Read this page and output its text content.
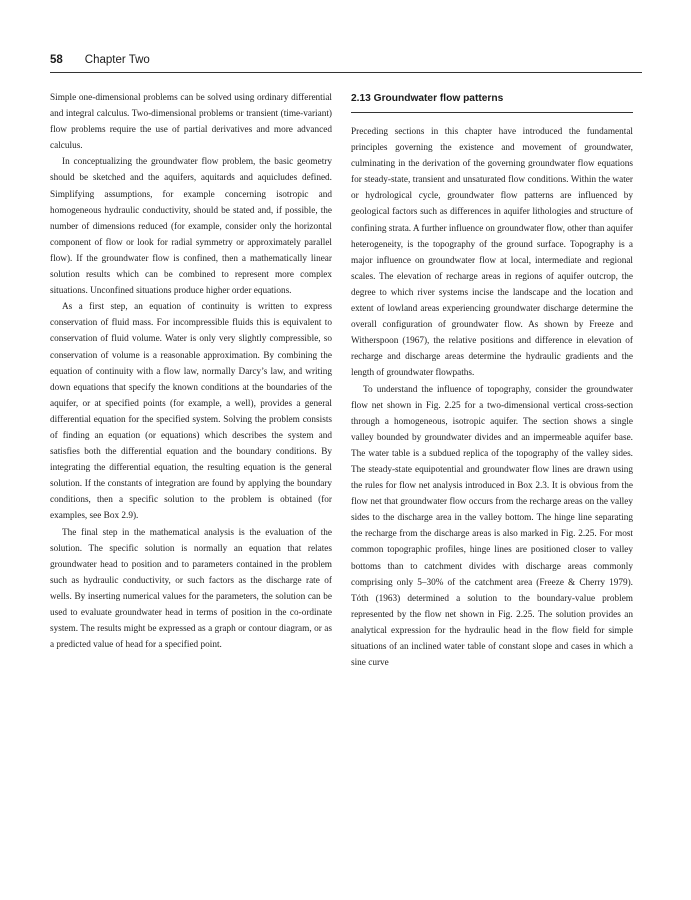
58 Chapter Two

Simple one-dimensional problems can be solved using ordinary differential and integral calculus. Two-dimensional problems or transient (time-variant) flow problems require the use of partial derivatives and more advanced calculus.

In conceptualizing the groundwater flow problem, the basic geometry should be sketched and the aquifers, aquitards and aquicludes defined. Simplifying assumptions, for example concerning isotropic and homogeneous hydraulic conductivity, should be stated and, if possible, the number of dimensions reduced (for example, consider only the horizontal component of flow or look for radial symmetry or approximately parallel flow). If the groundwater flow is confined, then a mathematically linear solution results which can be combined to represent more complex situations. Unconfined situations produce higher order equations.

As a first step, an equation of continuity is written to express conservation of fluid mass. For incompressible fluids this is equivalent to conservation of fluid volume. Water is only very slightly compressible, so conservation of volume is a reasonable approximation. By combining the equation of continuity with a flow law, normally Darcy’s law, and writing down equations that specify the known conditions at the boundaries of the aquifer, or at specified points (for example, a well), provides a general differential equation for the specified system. Solving the problem consists of finding an equation (or equations) which describes the system and satisfies both the differential equation and the boundary conditions. By integrating the differential equation, the resulting equation is the general solution. If the constants of integration are found by applying the boundary conditions, then a specific solution to the problem is obtained (for examples, see Box 2.9).

The final step in the mathematical analysis is the evaluation of the solution. The specific solution is normally an equation that relates groundwater head to position and to parameters contained in the problem such as hydraulic conductivity, or such factors as the discharge rate of wells. By inserting numerical values for the parameters, the solution can be used to evaluate groundwater head in terms of position in the co-ordinate system. The results might be expressed as a graph or contour diagram, or as a predicted value of head for a specified point.

2.13 Groundwater flow patterns

Preceding sections in this chapter have introduced the fundamental principles governing the existence and movement of groundwater, culminating in the derivation of the governing groundwater flow equations for steady-state, transient and unsaturated flow conditions. Within the water or hydrological cycle, groundwater flow patterns are influenced by geological factors such as differences in aquifer lithologies and structure of confining strata. A further influence on groundwater flow, other than aquifer heterogeneity, is the topography of the ground surface. Topography is a major influence on groundwater flow at local, intermediate and regional scales. The elevation of recharge areas in regions of aquifer outcrop, the degree to which river systems incise the landscape and the location and extent of lowland areas experiencing groundwater discharge determine the overall configuration of groundwater flow. As shown by Freeze and Witherspoon (1967), the relative positions and difference in elevation of recharge and discharge areas determine the hydraulic gradients and the length of groundwater flowpaths.

To understand the influence of topography, consider the groundwater flow net shown in Fig. 2.25 for a two-dimensional vertical cross-section through a homogeneous, isotropic aquifer. The section shows a single valley bounded by groundwater divides and an impermeable aquifer base. The water table is a subdued replica of the topography of the valley sides. The steady-state equipotential and groundwater flow lines are drawn using the rules for flow net analysis introduced in Box 2.3. It is obvious from the flow net that groundwater flow occurs from the recharge areas on the valley sides to the discharge area in the valley bottom. The hinge line separating the recharge from the discharge areas is also marked in Fig. 2.25. For most common topographic profiles, hinge lines are positioned closer to valley bottoms than to catchment divides with discharge areas commonly comprising only 5–30% of the catchment area (Freeze & Cherry 1979). Tóth (1963) determined a solution to the boundary-value problem represented by the flow net shown in Fig. 2.25. The solution provides an analytical expression for the hydraulic head in the flow field for simple situations of an inclined water table of constant slope and cases in which a sine curve
